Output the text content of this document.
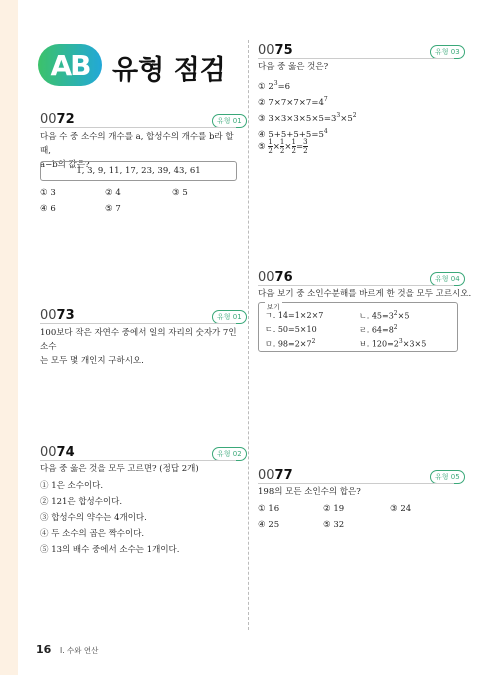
AB 유형 점검
0072	유형 01
다음 수 중 소수의 개수를 a, 합성수의 개수를 b라 할 때,
a−b의 값은?
1, 3, 9, 11, 17, 23, 39, 43, 61
① 3	② 4	③ 5
④ 6	⑤ 7
0073	유형 01
100보다 작은 자연수 중에서 일의 자리의 숫자가 7인 소수
는 모두 몇 개인지 구하시오.
0074	유형 02
다음 중 옳은 것을 모두 고르면? (정답 2개)
① 1은 소수이다.
② 121은 합성수이다.
③ 합성수의 약수는 4개이다.
④ 두 소수의 곱은 짝수이다.
⑤ 13의 배수 중에서 소수는 1개이다.
0075	유형 03
다음 중 옳은 것은?
① $2^3=6$
② $7\times 7\times 7\times 7=4^7$
③ $3\times 3\times 3\times 5\times 5=3^3\times 5^2$
④ $5+5+5+5=5^4$
⑤ $\frac{1}{2} \times \frac{1}{2} \times \frac{1}{2} = \frac{3}{2}$
0076	유형 04
다음 보기 중 소인수분해를 바르게 한 것을 모두 고르시오.
보기
ㄱ. 14=1×2×7	ㄴ. $45=3^2\times 5$
ㄷ. 50=5×10	ㄹ. $64=8^2$
ㅁ. $98=2\times 7^2$	ㅂ. $120=2^3\times 3\times 5$
0077	유형 05
198의 모든 소인수의 합은?
① 16	② 19	③ 24
④ 25	⑤ 32
16 I. 수와 연산
